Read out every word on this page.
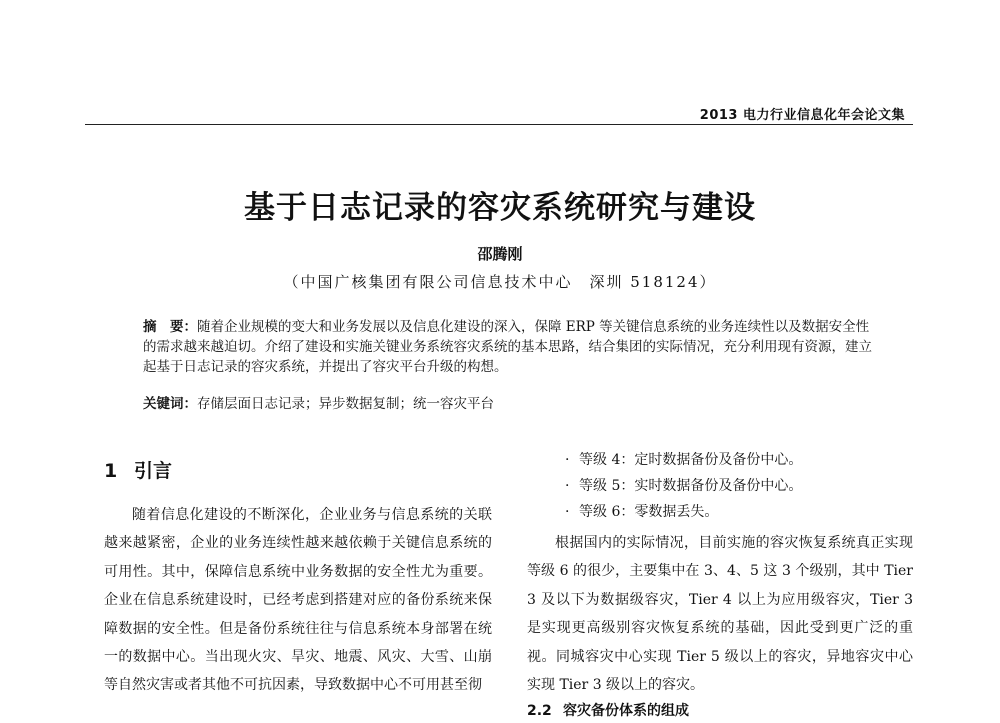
2013 电力行业信息化年会论文集
基于日志记录的容灾系统研究与建设
邵腾刚
（中国广核集团有限公司信息技术中心　深圳 518124）
摘　要：随着企业规模的变大和业务发展以及信息化建设的深入，保障 ERP 等关键信息系统的业务连续性以及数据安全性的需求越来越迫切。介绍了建设和实施关键业务系统容灾系统的基本思路，结合集团的实际情况，充分利用现有资源，建立起基于日志记录的容灾系统，并提出了容灾平台升级的构想。
关键词：存储层面日志记录；异步数据复制；统一容灾平台
1 引言

随着信息化建设的不断深化，企业业务与信息系统的关联越来越紧密，企业的业务连续性越来越依赖于关键信息系统的可用性。其中，保障信息系统中业务数据的安全性尤为重要。企业在信息系统建设时，已经考虑到搭建对应的备份系统来保障数据的安全性。但是备份系统往往与信息系统本身部署在统一的数据中心。当出现火灾、旱灾、地震、风灾、大雪、山崩等自然灾害或者其他不可抗因素，导致数据中心不可用甚至彻

· 等级 4：定时数据备份及备份中心。
· 等级 5：实时数据备份及备份中心。
· 等级 6：零数据丢失。

根据国内的实际情况，目前实施的容灾恢复系统真正实现等级 6 的很少，主要集中在 3、4、5 这 3 个级别，其中 Tier 3 及以下为数据级容灾，Tier 4 以上为应用级容灾，Tier 3 是实现更高级别容灾恢复系统的基础，因此受到更广泛的重视。同城容灾中心实现 Tier 5 级以上的容灾，异地容灾中心实现 Tier 3 级以上的容灾。

2.2 容灾备份体系的组成
